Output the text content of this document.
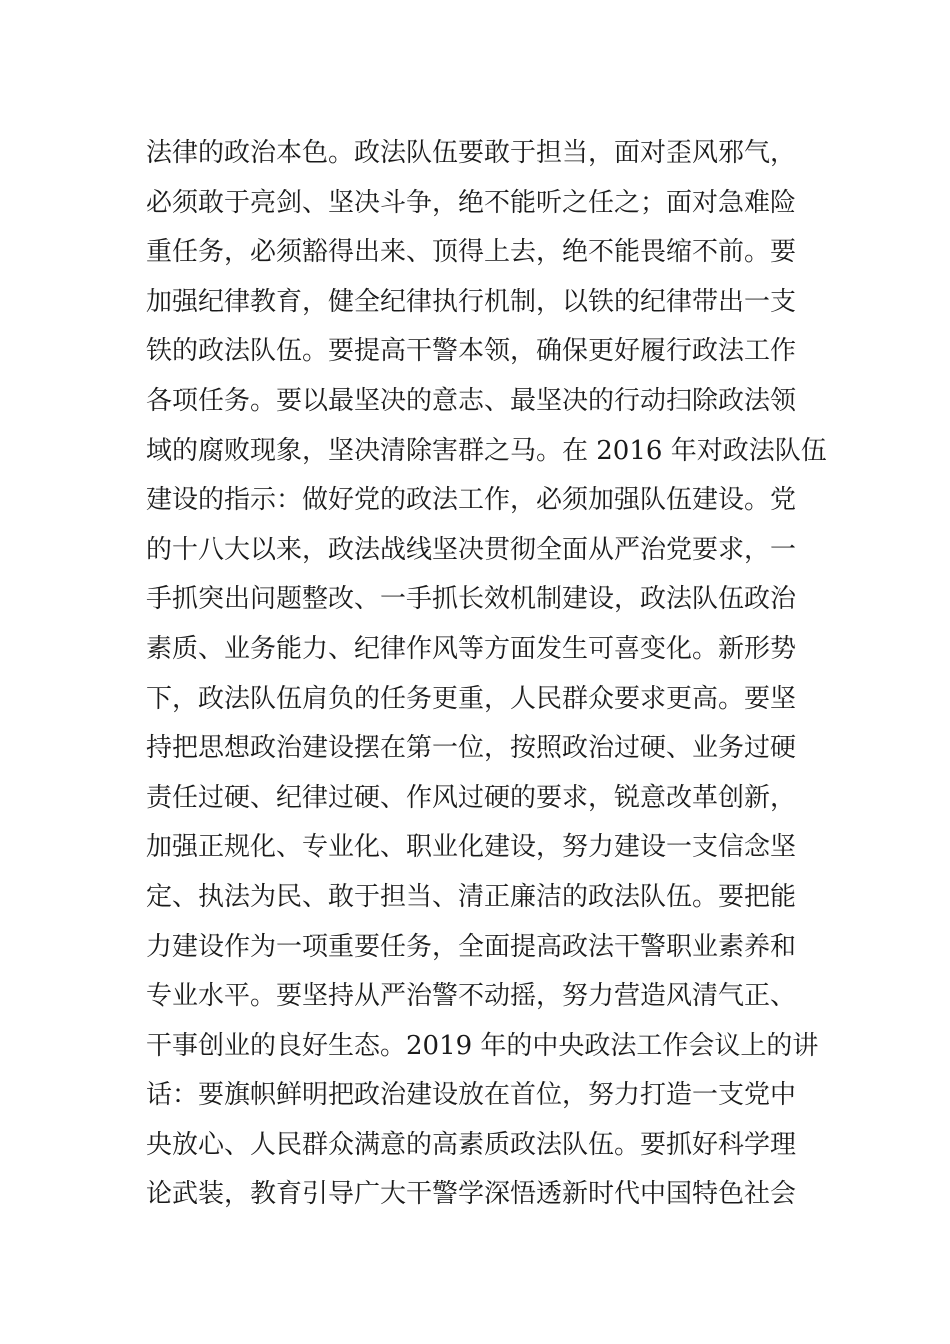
法律的政治本色。政法队伍要敢于担当，面对歪风邪气，
必须敢于亮剑、坚决斗争，绝不能听之任之；面对急难险
重任务，必须豁得出来、顶得上去，绝不能畏缩不前。要
加强纪律教育，健全纪律执行机制，以铁的纪律带出一支
铁的政法队伍。要提高干警本领，确保更好履行政法工作
各项任务。要以最坚决的意志、最坚决的行动扫除政法领
域的腐败现象，坚决清除害群之马。在 2016 年对政法队伍
建设的指示：做好党的政法工作，必须加强队伍建设。党
的十八大以来，政法战线坚决贯彻全面从严治党要求，一
手抓突出问题整改、一手抓长效机制建设，政法队伍政治
素质、业务能力、纪律作风等方面发生可喜变化。新形势
下，政法队伍肩负的任务更重，人民群众要求更高。要坚
持把思想政治建设摆在第一位，按照政治过硬、业务过硬
责任过硬、纪律过硬、作风过硬的要求，锐意改革创新，
加强正规化、专业化、职业化建设，努力建设一支信念坚
定、执法为民、敢于担当、清正廉洁的政法队伍。要把能
力建设作为一项重要任务，全面提高政法干警职业素养和
专业水平。要坚持从严治警不动摇，努力营造风清气正、
干事创业的良好生态。2019 年的中央政法工作会议上的讲
话：要旗帜鲜明把政治建设放在首位，努力打造一支党中
央放心、人民群众满意的高素质政法队伍。要抓好科学理
论武装，教育引导广大干警学深悟透新时代中国特色社会
